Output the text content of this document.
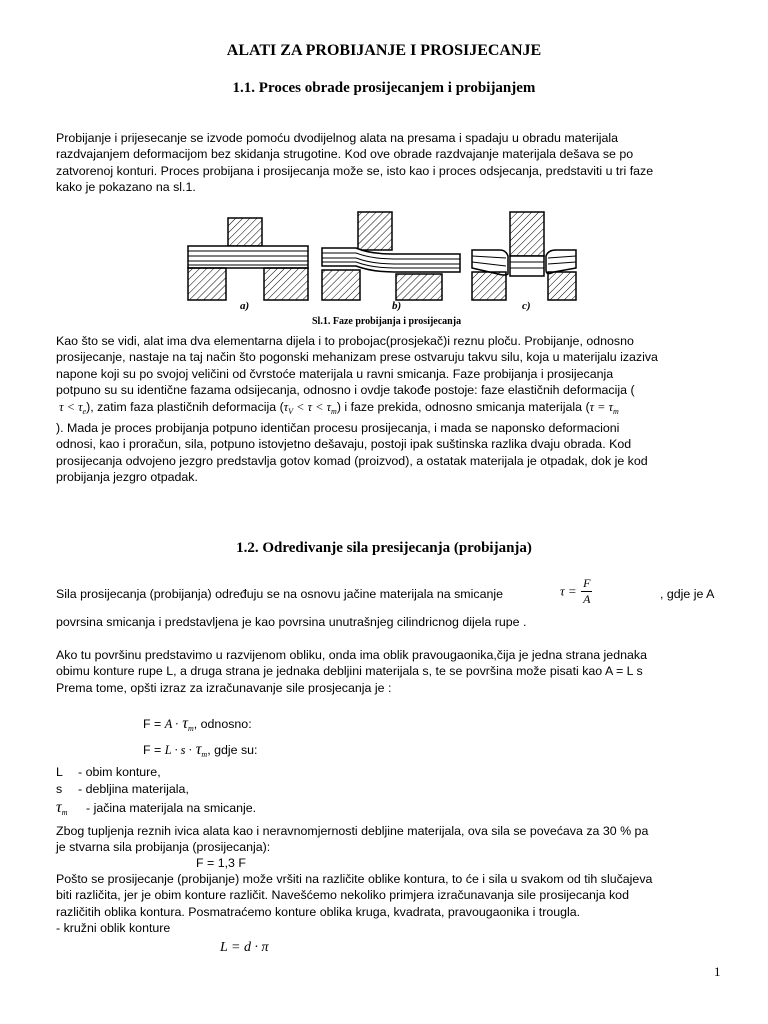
ALATI ZA PROBIJANJE I PROSIJECANJE
1.1. Proces obrade prosijecanjem i probijanjem
Probijanje i prijesecanje se izvode pomoću dvodijelnog alata na presama i spadaju u obradu materijala
razdvajanjem deformacijom bez skidanja strugotine. Kod ove obrade razdvajanje materijala dešava se po
zatvorenoj konturi. Proces probijana i prosijecanja može se, isto kao i proces odsjecanja, predstaviti u tri faze
kako je pokazano na sl.1.
a)	b)	c)
Sl.1. Faze probijanja i prosijecanja
Kao što se vidi, alat ima dva elementarna dijela i to probojac(prosjekač)i reznu ploču. Probijanje, odnosno
prosijecanje, nastaje na taj način što pogonski mehanizam prese ostvaruju takvu silu, koja u materijalu izaziva
napone koji su po svojoj veličini od čvrstoće materijala u ravni smicanja. Faze probijanja i prosijecanja
potpuno su su identične fazama odsijecanja, odnosno i ovdje takođe postoje: faze elastičnih deformacija (
$\tau < \tau_e$), zatim faza plastičnih deformacija $(\tau_V < \tau < \tau_m)$ i faze prekida, odnosno smicanja materijala ($\tau = \tau_m$
). Mada je proces probijanja potpuno identičan procesu prosijecanja, i mada se naponsko deformacioni
odnosi, kao i proračun, sila, potpuno istovjetno dešavaju, postoji ipak suštinska razlika dvaju obrada. Kod
prosijecanja odvojeno jezgro predstavlja gotov komad (proizvod), a ostatak materijala je otpadak, dok je kod
probijanja jezgro otpadak.
1.2. Odredivanje sila presijecanja (probijanja)
Sila prosijecanja (probijanja) određuju se na osnovu jačine materijala na smicanje	$\tau = \frac{F}{A}$	, gdje je A
povrsina smicanja i predstavljena je kao povrsina unutrašnjeg cilindricnog dijela rupe .
Ako tu površinu predstavimo u razvijenom obliku, onda ima oblik pravougaonika,čija je jedna strana jednaka
obimu konture rupe L, a druga strana je jednaka debljini materijala s, te se površina može pisati kao A = L s
Prema tome, opšti izraz za izračunavanje sile prosjecanja je :
$F = A \cdot \tau_m$, odnosno:
$F = L \cdot s \cdot \tau_m$, gdje su:
L - obim konture,
s - debljina materijala,
$\tau_m$ - jačina materijala na smicanje.
Zbog tupljenja reznih ivica alata kao i neravnomjernosti debljine materijala, ova sila se povećava za 30 % pa
je stvarna sila probijanja (prosijecanja):
F = 1,3 F
Pošto se prosijecanje (probijanje) može vršiti na različite oblike kontura, to će i sila u svakom od tih slučajeva
biti različita, jer je obim konture različit. Navešćemo nekoliko primjera izračunavanja sile prosijecanja kod
različitih oblika kontura. Posmatraćemo konture oblika kruga, kvadrata, pravougaonika i trougla.
- kružni oblik konture
L = d · π
1
